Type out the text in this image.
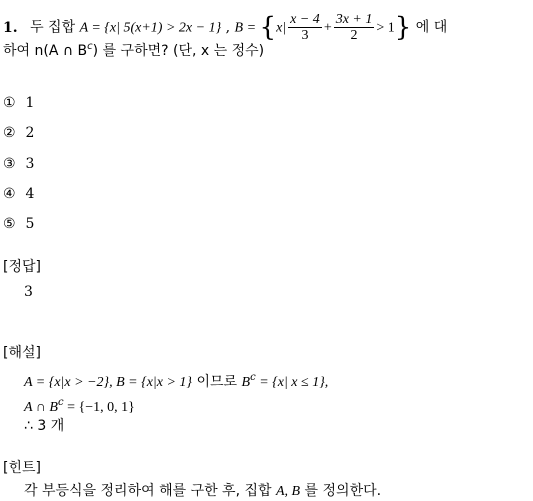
1. 두 집합 A = {x| 5(x+1) > 2x − 1} , $B = \{x| \frac{x - 4}{3} + \frac{3x + 1}{2} > 1\}$ 에 대
하여 n(A ∩ $B^c$) 를 구하면? (단, x 는 정수)
① 1
② 2
③ 3
④ 4
⑤ 5
[정답]
3
[해설]
A = {x|x > −2}, B = {x|x > 1} 이므로 $B^c = \{x|$ x ≤ 1},
A ∩ $B^c = \{-1$, 0, 1}
∴ 3 개
[힌트]
각 부등식을 정리하여 해를 구한 후, 집합 A, B 를 정의한다.
